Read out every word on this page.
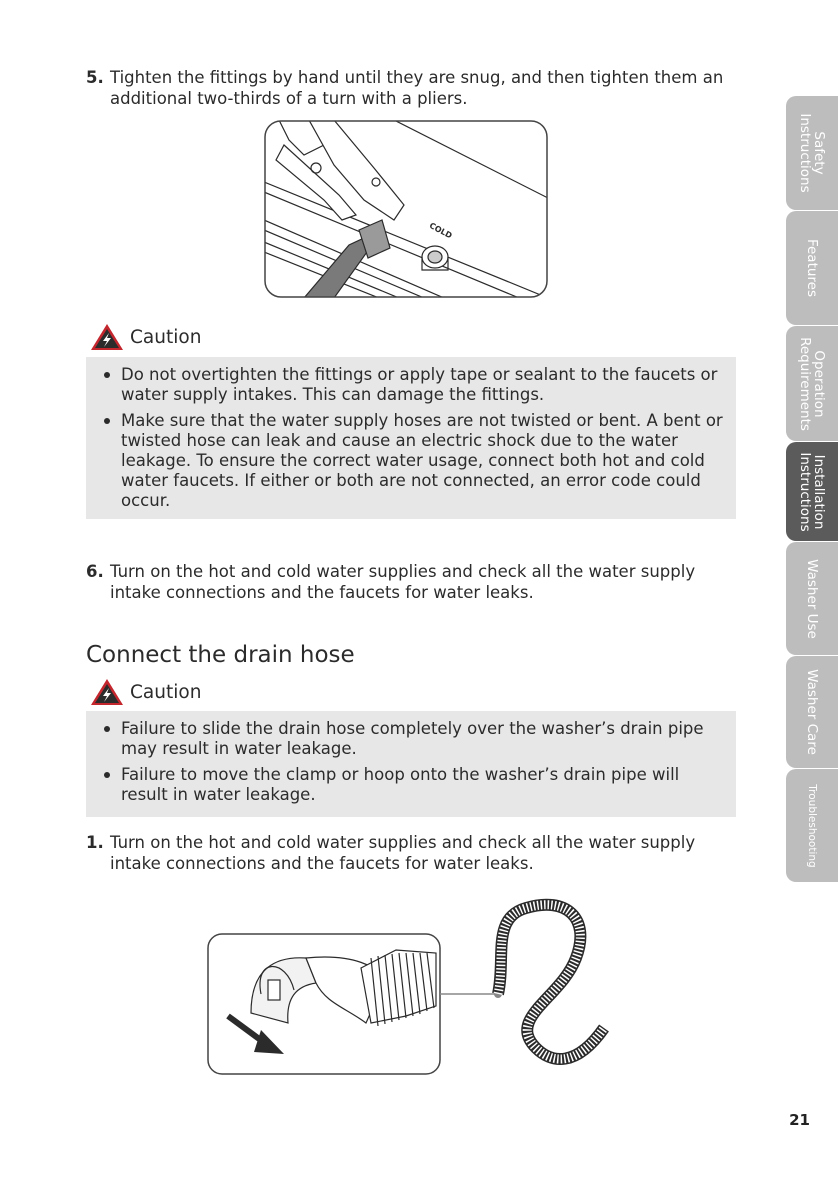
5. Tighten the fittings by hand until they are snug, and then tighten them an additional two-thirds of a turn with a pliers.
COLD
Caution
Do not overtighten the fittings or apply tape or sealant to the faucets or water supply intakes. This can damage the fittings.
Make sure that the water supply hoses are not twisted or bent. A bent or twisted hose can leak and cause an electric shock due to the water leakage. To ensure the correct water usage, connect both hot and cold water faucets. If either or both are not connected, an error code could occur.
6. Turn on the hot and cold water supplies and check all the water supply intake connections and the faucets for water leaks.
Connect the drain hose
Caution
Failure to slide the drain hose completely over the washer’s drain pipe may result in water leakage.
Failure to move the clamp or hoop onto the washer’s drain pipe will result in water leakage.
1. Turn on the hot and cold water supplies and check all the water supply intake connections and the faucets for water leaks.
Safety Instructions
Features
Operation Requirements
Installation Instructions
Washer Use
Washer Care
Troubleshooting
21
